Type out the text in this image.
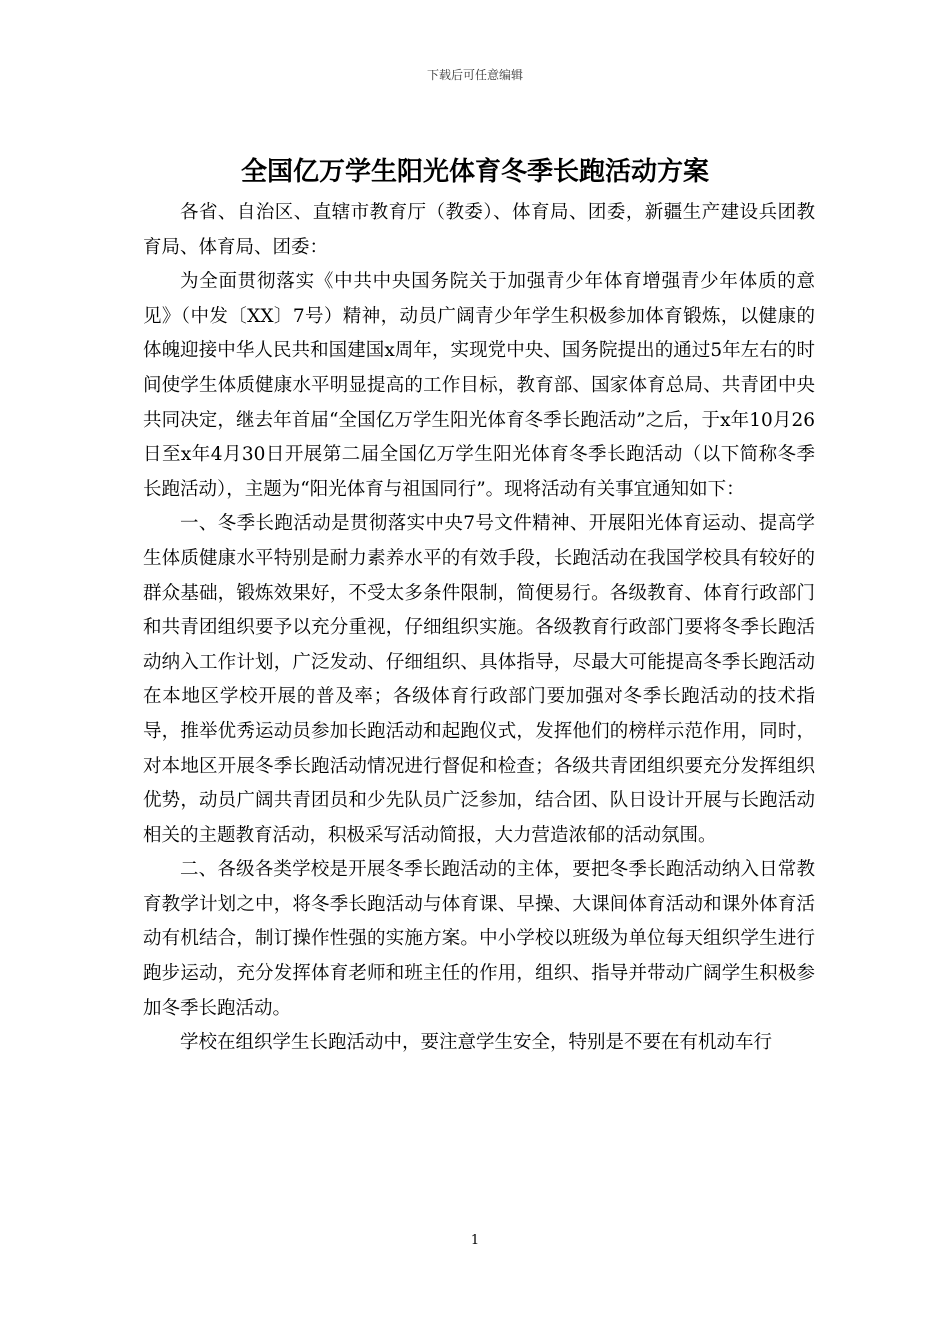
下载后可任意编辑
全国亿万学生阳光体育冬季长跑活动方案

各省、自治区、直辖市教育厅（教委）、体育局、团委，新疆生产建设兵团教育局、体育局、团委：

为全面贯彻落实《中共中央国务院关于加强青少年体育增强青少年体质的意见》（中发〔XX〕7号）精神，动员广阔青少年学生积极参加体育锻炼，以健康的体魄迎接中华人民共和国建国x周年，实现党中央、国务院提出的通过5年左右的时间使学生体质健康水平明显提高的工作目标，教育部、国家体育总局、共青团中央共同决定，继去年首届“全国亿万学生阳光体育冬季长跑活动”之后，于x年10月26日至x年4月30日开展第二届全国亿万学生阳光体育冬季长跑活动（以下简称冬季长跑活动），主题为“阳光体育与祖国同行”。现将活动有关事宜通知如下：

一、冬季长跑活动是贯彻落实中央7号文件精神、开展阳光体育运动、提高学生体质健康水平特别是耐力素养水平的有效手段，长跑活动在我国学校具有较好的群众基础，锻炼效果好，不受太多条件限制，简便易行。各级教育、体育行政部门和共青团组织要予以充分重视，仔细组织实施。各级教育行政部门要将冬季长跑活动纳入工作计划，广泛发动、仔细组织、具体指导，尽最大可能提高冬季长跑活动在本地区学校开展的普及率；各级体育行政部门要加强对冬季长跑活动的技术指导，推举优秀运动员参加长跑活动和起跑仪式，发挥他们的榜样示范作用，同时，对本地区开展冬季长跑活动情况进行督促和检查；各级共青团组织要充分发挥组织优势，动员广阔共青团员和少先队员广泛参加，结合团、队日设计开展与长跑活动相关的主题教育活动，积极采写活动简报，大力营造浓郁的活动氛围。

二、各级各类学校是开展冬季长跑活动的主体，要把冬季长跑活动纳入日常教育教学计划之中，将冬季长跑活动与体育课、早操、大课间体育活动和课外体育活动有机结合，制订操作性强的实施方案。中小学校以班级为单位每天组织学生进行跑步运动，充分发挥体育老师和班主任的作用，组织、指导并带动广阔学生积极参加冬季长跑活动。

学校在组织学生长跑活动中，要注意学生安全，特别是不要在有机动车行

1
